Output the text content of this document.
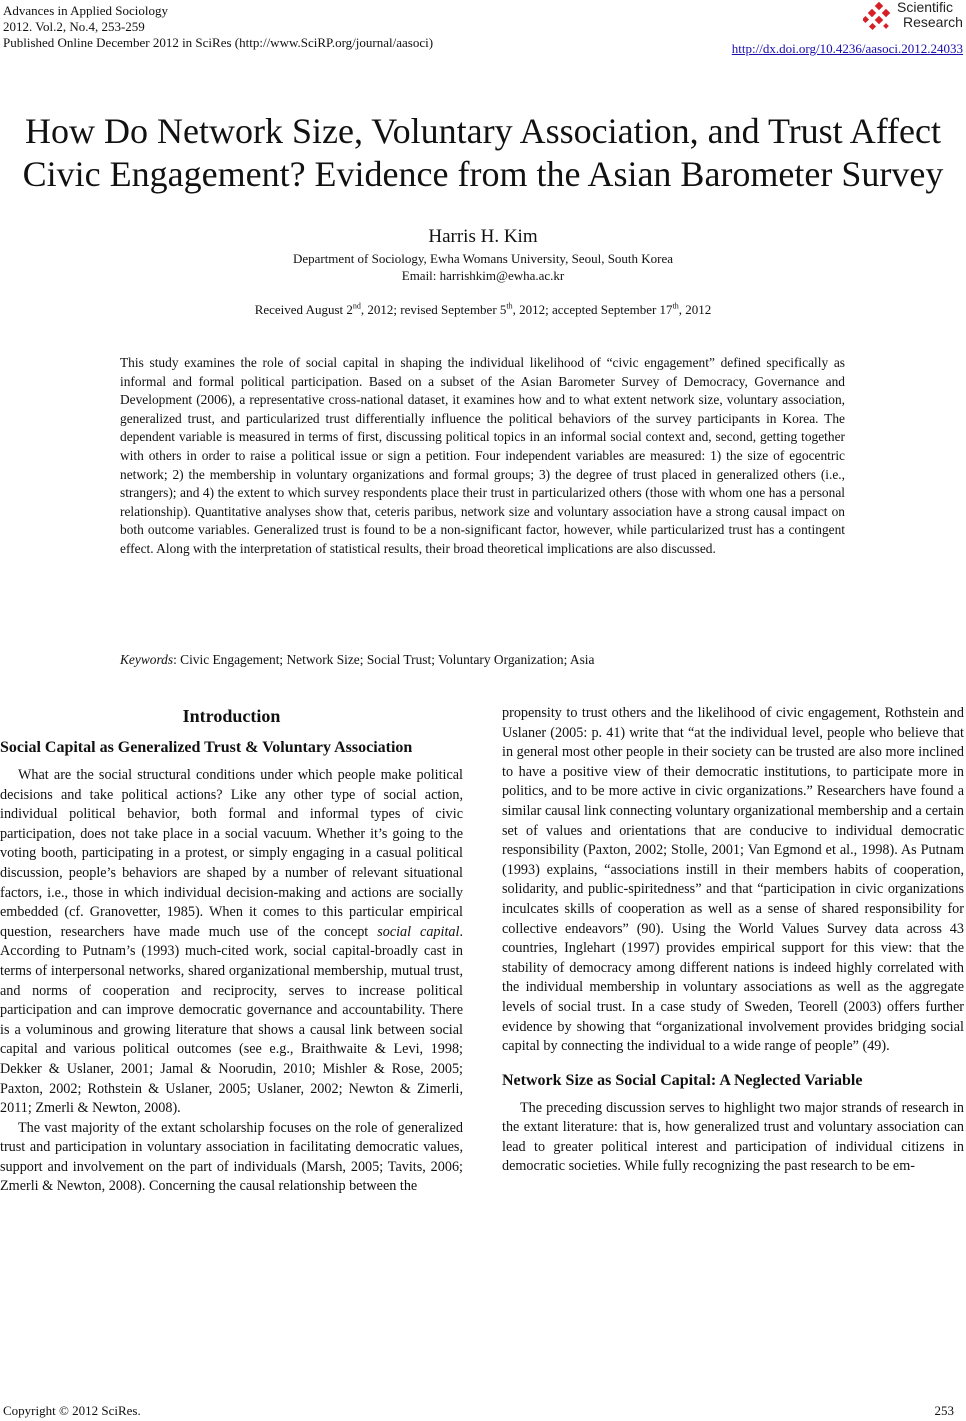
Advances in Applied Sociology
2012. Vol.2, No.4, 253-259
Published Online December 2012 in SciRes (http://www.SciRP.org/journal/aasoci)
Scientific
Research
http://dx.doi.org/10.4236/aasoci.2012.24033
How Do Network Size, Voluntary Association, and Trust Affect
Civic Engagement? Evidence from the Asian Barometer Survey
Harris H. Kim
Department of Sociology, Ewha Womans University, Seoul, South Korea
Email: harrishkim@ewha.ac.kr
Received August 2nd, 2012; revised September 5th, 2012; accepted September 17th, 2012
This study examines the role of social capital in shaping the individual likelihood of “civic engagement” defined specifically as informal and formal political participation. Based on a subset of the Asian Barometer Survey of Democracy, Governance and Development (2006), a representative cross-national dataset, it examines how and to what extent network size, voluntary association, generalized trust, and particularized trust differentially influence the political behaviors of the survey participants in Korea. The dependent variable is measured in terms of first, discussing political topics in an informal social context and, second, getting together with others in order to raise a political issue or sign a petition. Four independent variables are measured: 1) the size of egocentric network; 2) the membership in voluntary organizations and formal groups; 3) the degree of trust placed in generalized others (i.e., strangers); and 4) the extent to which survey respondents place their trust in particularized others (those with whom one has a personal relationship). Quantitative analyses show that, ceteris paribus, network size and voluntary association have a strong causal impact on both outcome variables. Generalized trust is found to be a non-significant factor, however, while particularized trust has a contingent effect. Along with the interpretation of statistical results, their broad theoretical implications are also discussed.
Keywords: Civic Engagement; Network Size; Social Trust; Voluntary Organization; Asia
Introduction
Social Capital as Generalized Trust & Voluntary Association

What are the social structural conditions under which people make political decisions and take political actions? Like any other type of social action, individual political behavior, both formal and informal types of civic participation, does not take place in a social vacuum. Whether it’s going to the voting booth, participating in a protest, or simply engaging in a casual political discussion, people’s behaviors are shaped by a number of relevant situational factors, i.e., those in which individual decision-making and actions are socially embedded (cf. Granovetter, 1985). When it comes to this particular empirical question, researchers have made much use of the concept social capital. According to Putnam’s (1993) much-cited work, social capital-broadly cast in terms of interpersonal networks, shared organizational membership, mutual trust, and norms of cooperation and reciprocity, serves to increase political participation and can improve democratic governance and accountability. There is a voluminous and growing literature that shows a causal link between social capital and various political outcomes (see e.g., Braithwaite & Levi, 1998; Dekker & Uslaner, 2001; Jamal & Noorudin, 2010; Mishler & Rose, 2005; Paxton, 2002; Rothstein & Uslaner, 2005; Uslaner, 2002; Newton & Zimerli, 2011; Zmerli & Newton, 2008).

The vast majority of the extant scholarship focuses on the role of generalized trust and participation in voluntary association in facilitating democratic values, support and involvement on the part of individuals (Marsh, 2005; Tavits, 2006; Zmerli & Newton, 2008). Concerning the causal relationship between the

propensity to trust others and the likelihood of civic engagement, Rothstein and Uslaner (2005: p. 41) write that “at the individual level, people who believe that in general most other people in their society can be trusted are also more inclined to have a positive view of their democratic institutions, to participate more in politics, and to be more active in civic organizations.” Researchers have found a similar causal link connecting voluntary organizational membership and a certain set of values and orientations that are conducive to individual democratic responsibility (Paxton, 2002; Stolle, 2001; Van Egmond et al., 1998). As Putnam (1993) explains, “associations instill in their members habits of cooperation, solidarity, and public-spiritedness” and that “participation in civic organizations inculcates skills of cooperation as well as a sense of shared responsibility for collective endeavors” (90). Using the World Values Survey data across 43 countries, Inglehart (1997) provides empirical support for this view: that the stability of democracy among different nations is indeed highly correlated with the individual membership in voluntary associations as well as the aggregate levels of social trust. In a case study of Sweden, Teorell (2003) offers further evidence by showing that “organizational involvement provides bridging social capital by connecting the individual to a wide range of people” (49).

Network Size as Social Capital: A Neglected Variable

The preceding discussion serves to highlight two major strands of research in the extant literature: that is, how generalized trust and voluntary association can lead to greater political interest and participation of individual citizens in democratic societies. While fully recognizing the past research to be em-

Copyright © 2012 SciRes.	253
